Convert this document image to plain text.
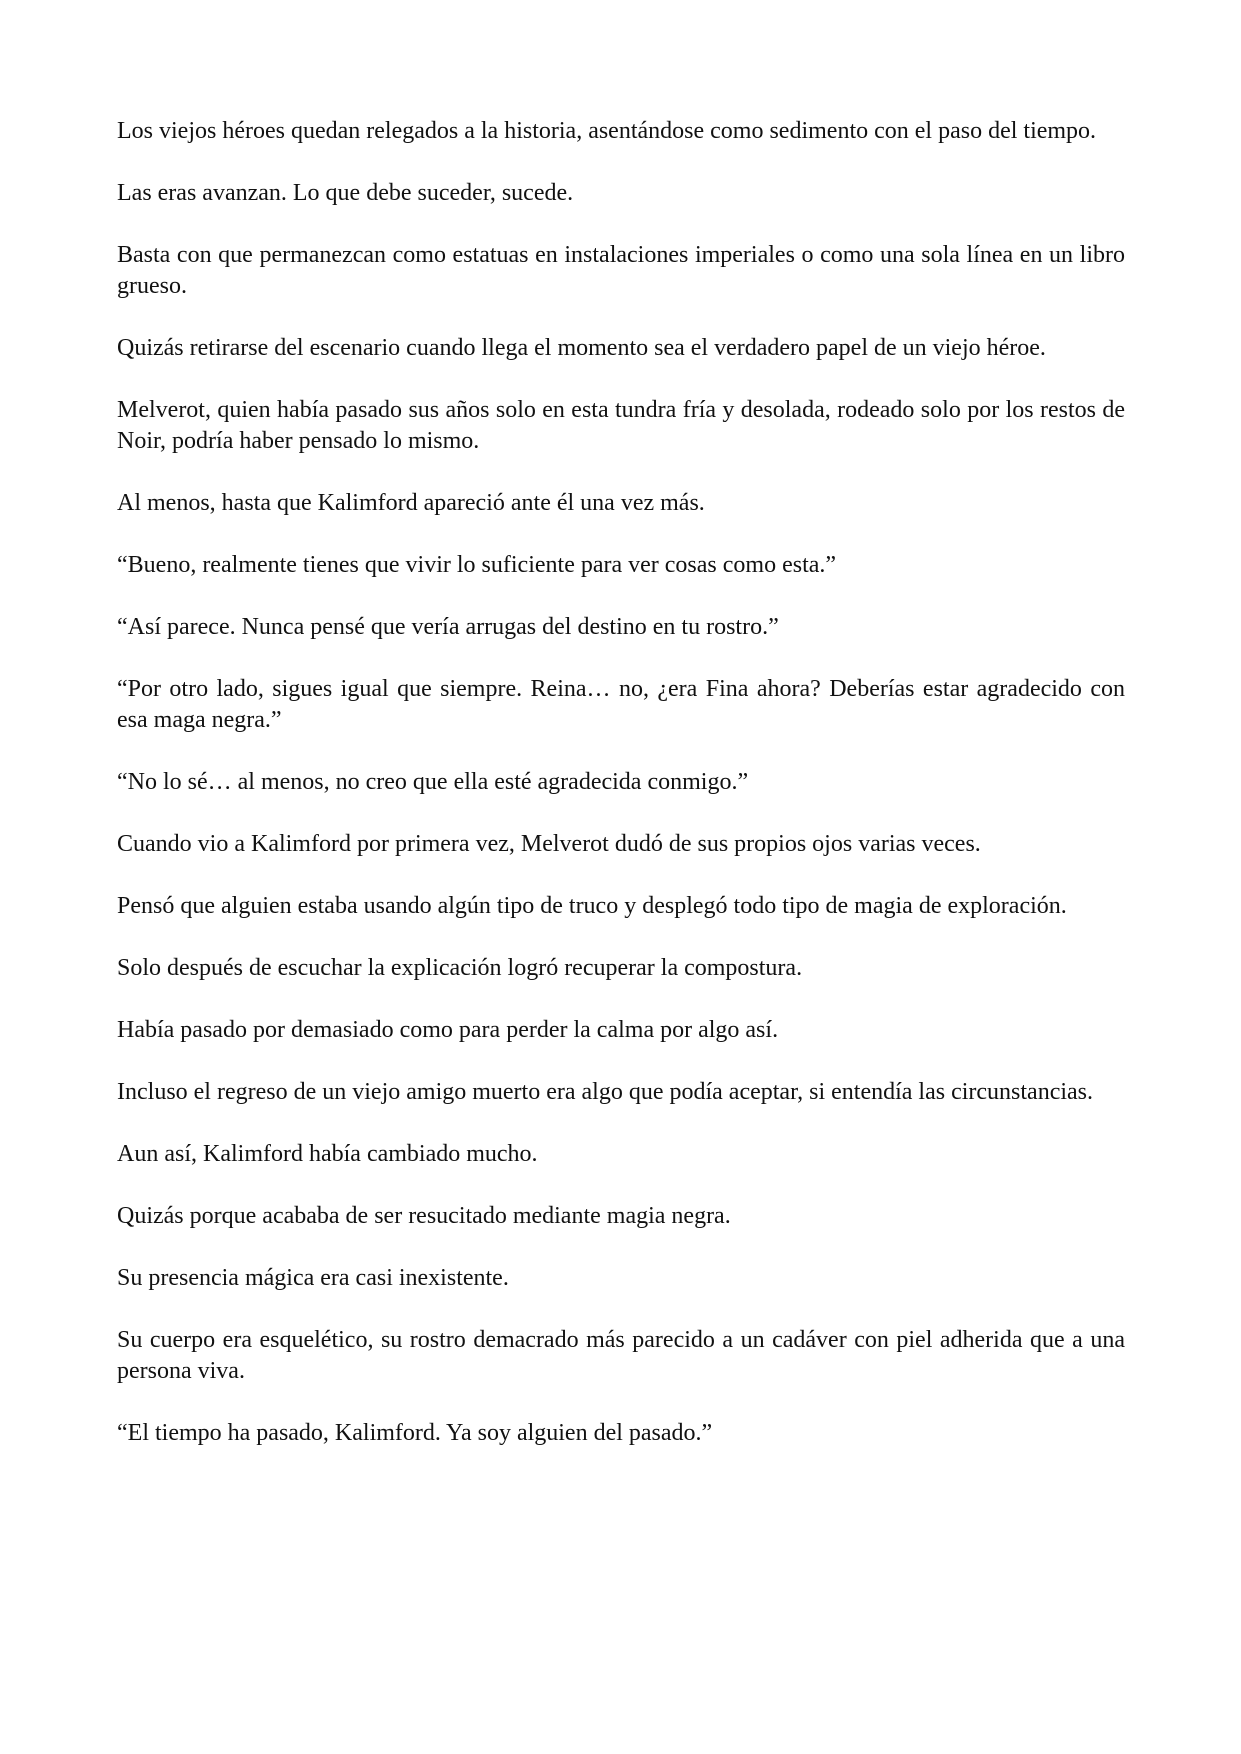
Los viejos héroes quedan relegados a la historia, asentándose como sedimento con el paso del tiempo.

Las eras avanzan. Lo que debe suceder, sucede.

Basta con que permanezcan como estatuas en instalaciones imperiales o como una sola línea en un libro grueso.

Quizás retirarse del escenario cuando llega el momento sea el verdadero papel de un viejo héroe.

Melverot, quien había pasado sus años solo en esta tundra fría y desolada, rodeado solo por los restos de Noir, podría haber pensado lo mismo.

Al menos, hasta que Kalimford apareció ante él una vez más.

“Bueno, realmente tienes que vivir lo suficiente para ver cosas como esta.”

“Así parece. Nunca pensé que vería arrugas del destino en tu rostro.”

“Por otro lado, sigues igual que siempre. Reina… no, ¿era Fina ahora? Deberías estar agradecido con esa maga negra.”

“No lo sé… al menos, no creo que ella esté agradecida conmigo.”

Cuando vio a Kalimford por primera vez, Melverot dudó de sus propios ojos varias veces.

Pensó que alguien estaba usando algún tipo de truco y desplegó todo tipo de magia de exploración.

Solo después de escuchar la explicación logró recuperar la compostura.

Había pasado por demasiado como para perder la calma por algo así.

Incluso el regreso de un viejo amigo muerto era algo que podía aceptar, si entendía las circunstancias.

Aun así, Kalimford había cambiado mucho.

Quizás porque acababa de ser resucitado mediante magia negra.

Su presencia mágica era casi inexistente.

Su cuerpo era esquelético, su rostro demacrado más parecido a un cadáver con piel adherida que a una persona viva.

“El tiempo ha pasado, Kalimford. Ya soy alguien del pasado.”
